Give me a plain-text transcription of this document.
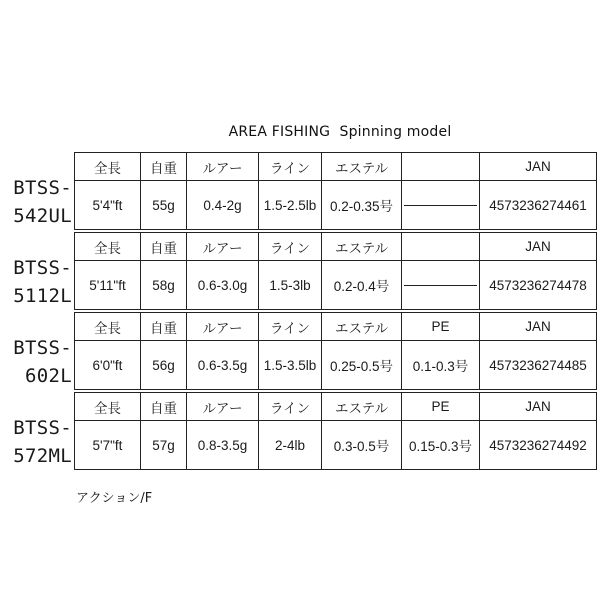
AREA FISHING  Spinning model
BTSS-
542UL
全長	自重	ルアー	ライン	エステル		JAN
5'4"ft	55g	0.4-2g	1.5-2.5lb	0.2-0.35号		4573236274461
BTSS-
5112L
全長	自重	ルアー	ライン	エステル		JAN
5'11"ft	58g	0.6-3.0g	1.5-3lb	0.2-0.4号		4573236274478
BTSS-
602L
全長	自重	ルアー	ライン	エステル	PE	JAN
6'0"ft	56g	0.6-3.5g	1.5-3.5lb	0.25-0.5号	0.1-0.3号	4573236274485
BTSS-
572ML
全長	自重	ルアー	ライン	エステル	PE	JAN
5'7"ft	57g	0.8-3.5g	2-4lb	0.3-0.5号	0.15-0.3号	4573236274492
アクション/F
